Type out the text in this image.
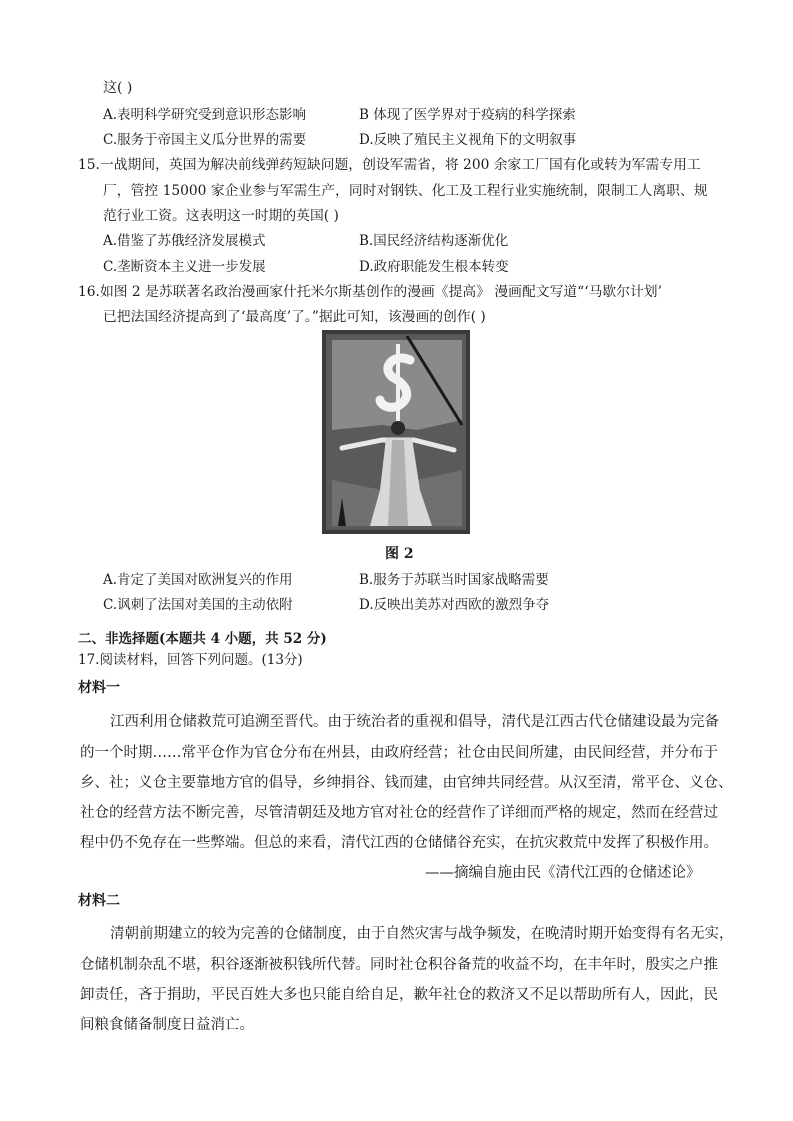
这( )
A.表明科学研究受到意识形态影响	B 体现了医学界对于疫病的科学探索
C.服务于帝国主义瓜分世界的需要	D.反映了殖民主义视角下的文明叙事
15.一战期间，英国为解决前线弹药短缺问题，创设军需省，将 200 余家工厂国有化或转为军需专用工
厂，管控 15000 家企业参与军需生产，同时对钢铁、化工及工程行业实施统制，限制工人离职、规
范行业工资。这表明这一时期的英国( )
A.借鉴了苏俄经济发展模式	B.国民经济结构逐渐优化
C.垄断资本主义进一步发展	D.政府职能发生根本转变
16.如图 2 是苏联著名政治漫画家什托米尔斯基创作的漫画《提高》 漫画配文写道“‘马歇尔计划’
已把法国经济提高到了‘最高度’了。”据此可知，该漫画的创作( )
图 2
A.肯定了美国对欧洲复兴的作用	B.服务于苏联当时国家战略需要
C.讽刺了法国对美国的主动依附	D.反映出美苏对西欧的激烈争夺
二、非选择题(本题共 4 小题，共 52 分)
17.阅读材料，回答下列问题。(13分)
材料一
江西利用仓储救荒可追溯至晋代。由于统治者的重视和倡导，清代是江西古代仓储建设最为完备
的一个时期……常平仓作为官仓分布在州县，由政府经营；社仓由民间所建，由民间经营，并分布于
乡、社；义仓主要靠地方官的倡导，乡绅捐谷、钱而建，由官绅共同经营。从汉至清，常平仓、义仓、
社仓的经营方法不断完善，尽管清朝廷及地方官对社仓的经营作了详细而严格的规定，然而在经营过
程中仍不免存在一些弊端。但总的来看，清代江西的仓储储谷充实，在抗灾救荒中发挥了积极作用。
——摘编自施由民《清代江西的仓储述论》
材料二
清朝前期建立的较为完善的仓储制度，由于自然灾害与战争频发，在晚清时期开始变得有名无实，
仓储机制杂乱不堪，积谷逐渐被积钱所代替。同时社仓积谷备荒的收益不均，在丰年时，殷实之户推
卸责任，吝于捐助，平民百姓大多也只能自给自足，歉年社仓的救济又不足以帮助所有人，因此，民
间粮食储备制度日益消亡。
